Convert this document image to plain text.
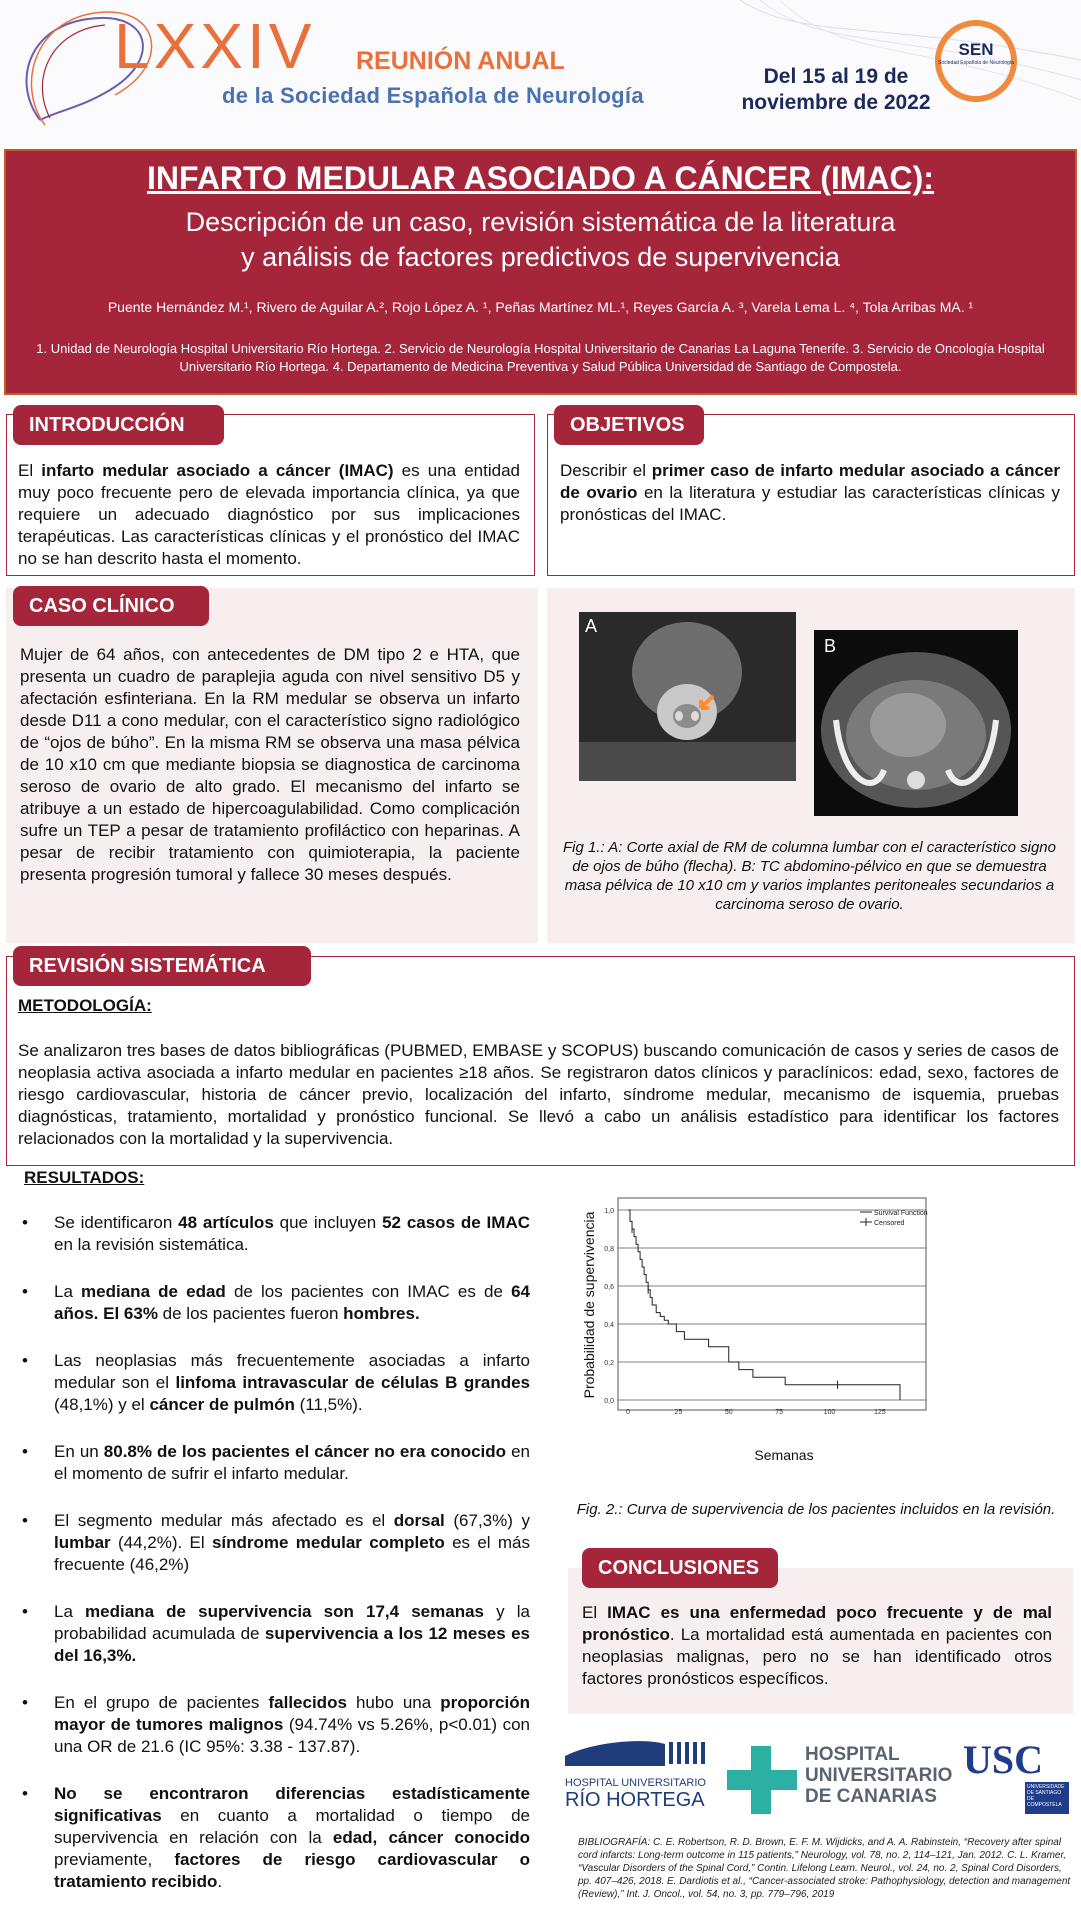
LXXIV REUNIÓN ANUAL
de la Sociedad Española de Neurología
Del 15 al 19 de
noviembre de 2022
SEN
Sociedad Española de Neurología
INFARTO MEDULAR ASOCIADO A CÁNCER (IMAC):
Descripción de un caso, revisión sistemática de la literatura
y análisis de factores predictivos de supervivencia
Puente Hernández M.¹, Rivero de Aguilar A.², Rojo López A. ¹, Peñas Martínez ML.¹, Reyes García A. ³, Varela Lema L. ⁴, Tola Arribas MA. ¹
1. Unidad de Neurología Hospital Universitario Río Hortega. 2. Servicio de Neurología Hospital Universitario de Canarias La Laguna Tenerife. 3. Servicio de Oncología Hospital Universitario Río Hortega. 4. Departamento de Medicina Preventiva y Salud Pública Universidad de Santiago de Compostela.
INTRODUCCIÓN
El infarto medular asociado a cáncer (IMAC) es una entidad muy poco frecuente pero de elevada importancia clínica, ya que requiere un adecuado diagnóstico por sus implicaciones terapéuticas. Las características clínicas y el pronóstico del IMAC no se han descrito hasta el momento.
OBJETIVOS
Describir el primer caso de infarto medular asociado a cáncer de ovario en la literatura y estudiar las características clínicas y pronósticas del IMAC.
CASO CLÍNICO
Mujer de 64 años, con antecedentes de DM tipo 2 e HTA, que presenta un cuadro de paraplejia aguda con nivel sensitivo D5 y afectación esfinteriana. En la RM medular se observa un infarto desde D11 a cono medular, con el característico signo radiológico de “ojos de búho”. En la misma RM se observa una masa pélvica de 10 x10 cm que mediante biopsia se diagnostica de carcinoma seroso de ovario de alto grado. El mecanismo del infarto se atribuye a un estado de hipercoagulabilidad. Como complicación sufre un TEP a pesar de tratamiento profiláctico con heparinas. A pesar de recibir tratamiento con quimioterapia, la paciente presenta progresión tumoral y fallece 30 meses después.
A
B
Fig 1.: A: Corte axial de RM de columna lumbar con el característico signo de ojos de búho (flecha). B: TC abdomino-pélvico en que se demuestra masa pélvica de 10 x10 cm y varios implantes peritoneales secundarios a carcinoma seroso de ovario.
REVISIÓN SISTEMÁTICA
METODOLOGÍA:
Se analizaron tres bases de datos bibliográficas (PUBMED, EMBASE y SCOPUS) buscando comunicación de casos y series de casos de neoplasia activa asociada a infarto medular en pacientes ≥18 años. Se registraron datos clínicos y paraclínicos: edad, sexo, factores de riesgo cardiovascular, historia de cáncer previo, localización del infarto, síndrome medular, mecanismo de isquemia, pruebas diagnósticas, tratamiento, mortalidad y pronóstico funcional. Se llevó a cabo un análisis estadístico para identificar los factores relacionados con la mortalidad y la supervivencia.
RESULTADOS:
• Se identificaron 48 artículos que incluyen 52 casos de IMAC en la revisión sistemática.
• La mediana de edad de los pacientes con IMAC es de 64 años. El 63% de los pacientes fueron hombres.
• Las neoplasias más frecuentemente asociadas a infarto medular son el linfoma intravascular de células B grandes (48,1%) y el cáncer de pulmón (11,5%).
• En un 80.8% de los pacientes el cáncer no era conocido en el momento de sufrir el infarto medular.
• El segmento medular más afectado es el dorsal (67,3%) y lumbar (44,2%). El síndrome medular completo es el más frecuente (46,2%)
• La mediana de supervivencia son 17,4 semanas y la probabilidad acumulada de supervivencia a los 12 meses es del 16,3%.
• En el grupo de pacientes fallecidos hubo una proporción mayor de tumores malignos (94.74% vs 5.26%, p<0.01) con una OR de 21.6 (IC 95%: 3.38 - 137.87).
• No se encontraron diferencias estadísticamente significativas en cuanto a mortalidad o tiempo de supervivencia en relación con la edad, cáncer conocido previamente, factores de riesgo cardiovascular o tratamiento recibido.
0,0
0,2
0,4
0,6
0,8
1,0
0	25	50	75	100	125
Semanas
Probabilidad de supervivencia	Survival Function
Censored
Fig. 2.: Curva de supervivencia de los pacientes incluidos en la revisión.
CONCLUSIONES
El IMAC es una enfermedad poco frecuente y de mal pronóstico. La mortalidad está aumentada en pacientes con neoplasias malignas, pero no se han identificado otros factores pronósticos específicos.
HOSPITAL UNIVERSITARIO
RÍO HORTEGA
HOSPITAL
UNIVERSITARIO
DE CANARIAS
USC
UNIVERSIDADE DE SANTIAGO DE COMPOSTELA
BIBLIOGRAFÍA: C. E. Robertson, R. D. Brown, E. F. M. Wijdicks, and A. A. Rabinstein, “Recovery after spinal cord infarcts: Long-term outcome in 115 patients,” Neurology, vol. 78, no. 2, 114–121, Jan. 2012. C. L. Kramer, “Vascular Disorders of the Spinal Cord,” Contin. Lifelong Learn. Neurol., vol. 24, no. 2, Spinal Cord Disorders, pp. 407–426, 2018. E. Dardiotis et al., “Cancer-associated stroke: Pathophysiology, detection and management (Review),” Int. J. Oncol., vol. 54, no. 3, pp. 779–796, 2019
